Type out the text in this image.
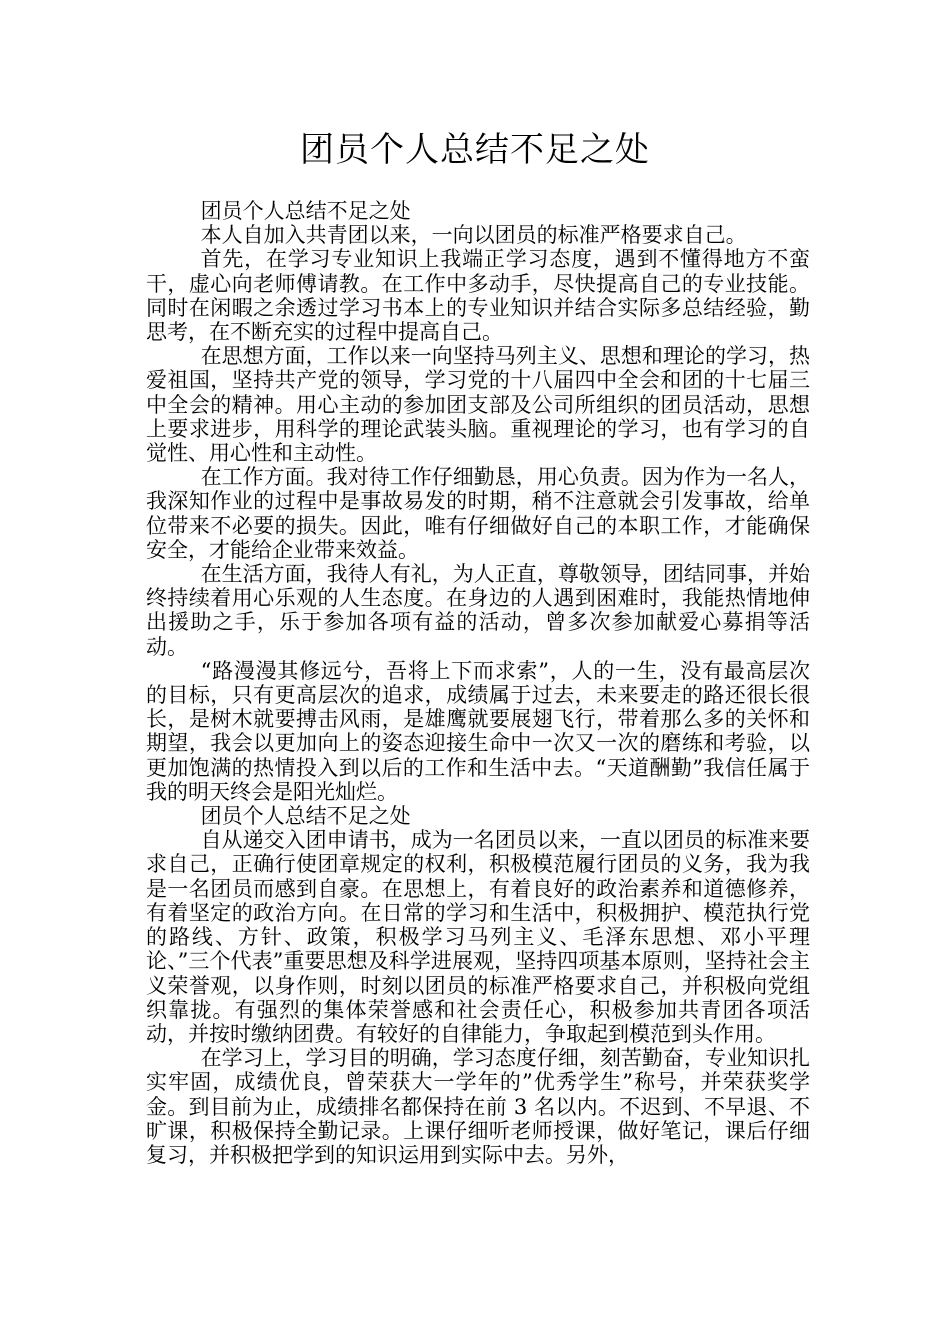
团员个人总结不足之处

团员个人总结不足之处

本人自加入共青团以来，一向以团员的标准严格要求自己。

首先，在学习专业知识上我端正学习态度，遇到不懂得地方不蛮干，虚心向老师傅请教。在工作中多动手，尽快提高自己的专业技能。同时在闲暇之余透过学习书本上的专业知识并结合实际多总结经验，勤思考，在不断充实的过程中提高自己。

在思想方面，工作以来一向坚持马列主义、思想和理论的学习，热爱祖国，坚持共产党的领导，学习党的十八届四中全会和团的十七届三中全会的精神。用心主动的参加团支部及公司所组织的团员活动，思想上要求进步，用科学的理论武装头脑。重视理论的学习，也有学习的自觉性、用心性和主动性。

在工作方面。我对待工作仔细勤恳，用心负责。因为作为一名人，我深知作业的过程中是事故易发的时期，稍不注意就会引发事故，给单位带来不必要的损失。因此，唯有仔细做好自己的本职工作，才能确保安全，才能给企业带来效益。

在生活方面，我待人有礼，为人正直，尊敬领导，团结同事，并始终持续着用心乐观的人生态度。在身边的人遇到困难时，我能热情地伸出援助之手，乐于参加各项有益的活动，曾多次参加献爱心募捐等活动。

“路漫漫其修远兮，吾将上下而求索”，人的一生，没有最高层次的目标，只有更高层次的追求，成绩属于过去，未来要走的路还很长很长，是树木就要搏击风雨，是雄鹰就要展翅飞行，带着那么多的关怀和期望，我会以更加向上的姿态迎接生命中一次又一次的磨练和考验，以更加饱满的热情投入到以后的工作和生活中去。“天道酬勤”我信任属于我的明天终会是阳光灿烂。

团员个人总结不足之处

自从递交入团申请书，成为一名团员以来，一直以团员的标准来要求自己，正确行使团章规定的权利，积极模范履行团员的义务，我为我是一名团员而感到自豪。在思想上，有着良好的政治素养和道德修养，有着坚定的政治方向。在日常的学习和生活中，积极拥护、模范执行党的路线、方针、政策，积极学习马列主义、毛泽东思想、邓小平理论、”三个代表”重要思想及科学进展观，坚持四项基本原则，坚持社会主义荣誉观，以身作则，时刻以团员的标准严格要求自己，并积极向党组织靠拢。有强烈的集体荣誉感和社会责任心，积极参加共青团各项活动，并按时缴纳团费。有较好的自律能力，争取起到模范到头作用。

在学习上，学习目的明确，学习态度仔细，刻苦勤奋，专业知识扎实牢固，成绩优良，曾荣获大一学年的”优秀学生”称号，并荣获奖学金。到目前为止，成绩排名都保持在前 3 名以内。不迟到、不早退、不旷课，积极保持全勤记录。上课仔细听老师授课，做好笔记，课后仔细复习，并积极把学到的知识运用到实际中去。另外，
